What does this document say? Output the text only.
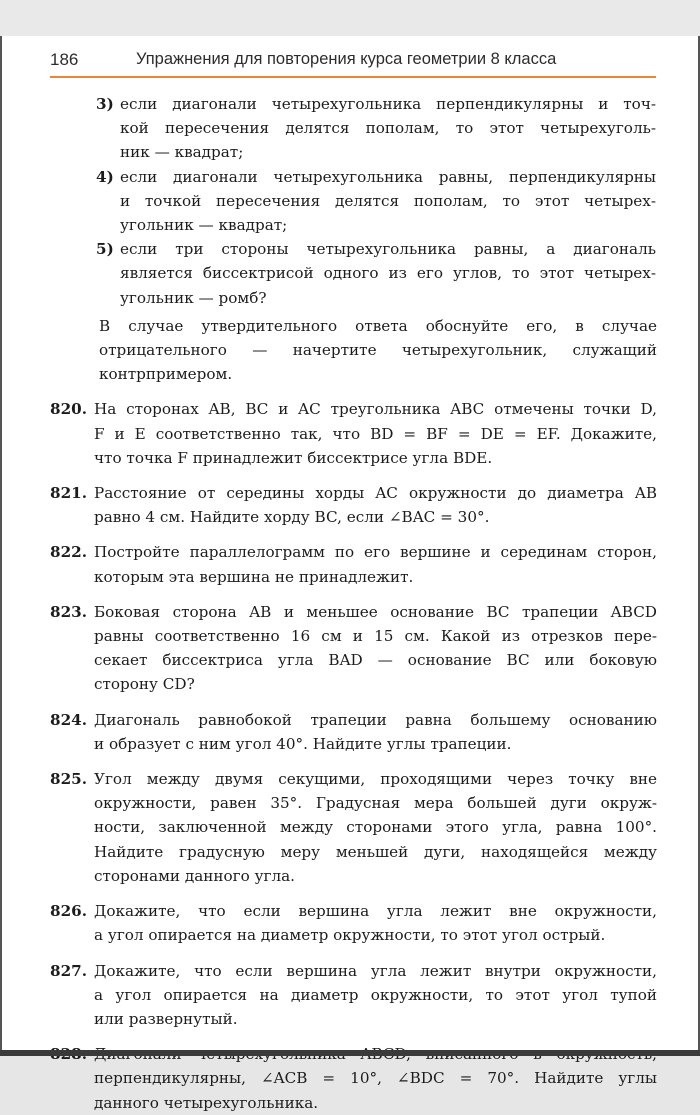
186	Упражнения для повторения курса геометрии 8 класса
3) если диагонали четырехугольника перпендикулярны и точ-
кой пересечения делятся пополам, то этот четырехуголь-
ник — квадрат;
4) если диагонали четырехугольника равны, перпендикулярны
и точкой пересечения делятся пополам, то этот четырех-
угольник — квадрат;
5) если три стороны четырехугольника равны, а диагональ
является биссектрисой одного из его углов, то этот четырех-
угольник — ромб?
В случае утвердительного ответа обоснуйте его, в случае
отрицательного — начертите четырехугольник, служащий
контрпримером.
820. На сторонах AB, BC и AC треугольника ABC отмечены точки D,
F и E соответственно так, что BD = BF = DE = EF. Докажите,
что точка F принадлежит биссектрисе угла BDE.
821. Расстояние от середины хорды AC окружности до диаметра AB
равно 4 см. Найдите хорду BC, если ∠BAC = 30°.
822. Постройте параллелограмм по его вершине и серединам сторон,
которым эта вершина не принадлежит.
823. Боковая сторона AB и меньшее основание BC трапеции ABCD
равны соответственно 16 см и 15 см. Какой из отрезков пере-
секает биссектриса угла BAD — основание BC или боковую
сторону CD?
824. Диагональ равнобокой трапеции равна большему основанию
и образует с ним угол 40°. Найдите углы трапеции.
825. Угол между двумя секущими, проходящими через точку вне
окружности, равен 35°. Градусная мера большей дуги окруж-
ности, заключенной между сторонами этого угла, равна 100°.
Найдите градусную меру меньшей дуги, находящейся между
сторонами данного угла.
826. Докажите, что если вершина угла лежит вне окружности,
а угол опирается на диаметр окружности, то этот угол острый.
827. Докажите, что если вершина угла лежит внутри окружности,
а угол опирается на диаметр окружности, то этот угол тупой
или развернутый.
перпендикулярны, ∠ACB = 10°, ∠BDC = 70°. Найдите углы
данного четырехугольника.
